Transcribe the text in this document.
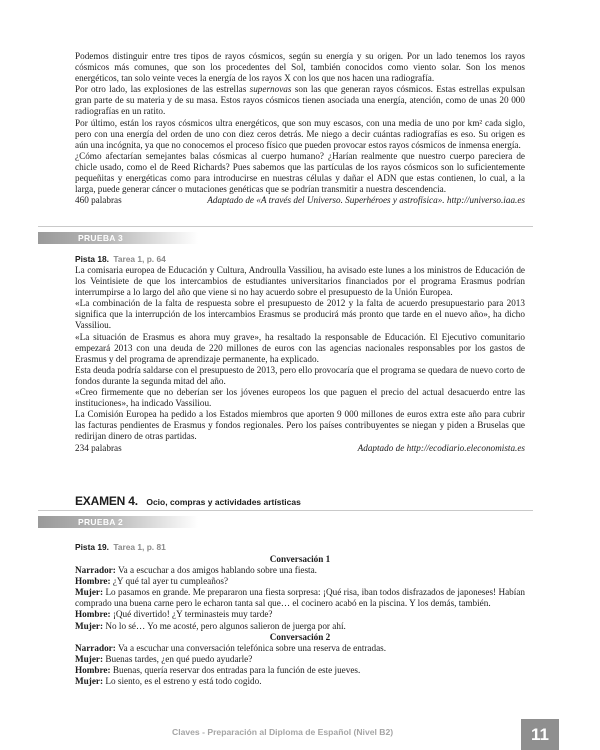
Podemos distinguir entre tres tipos de rayos cósmicos, según su energía y su origen. Por un lado tenemos los rayos cósmicos más comunes, que son los procedentes del Sol, también conocidos como viento solar. Son los menos energéticos, tan solo veinte veces la energía de los rayos X con los que nos hacen una radiografía.

Por otro lado, las explosiones de las estrellas supernovas son las que generan rayos cósmicos. Estas estrellas expulsan gran parte de su materia y de su masa. Estos rayos cósmicos tienen asociada una energía, atención, como de unas 20 000 radiografías en un ratito.

Por último, están los rayos cósmicos ultra energéticos, que son muy escasos, con una media de uno por km² cada siglo, pero con una energía del orden de uno con diez ceros detrás. Me niego a decir cuántas radiografías es eso. Su origen es aún una incógnita, ya que no conocemos el proceso físico que pueden provocar estos rayos cósmicos de inmensa energía.

¿Cómo afectarían semejantes balas cósmicas al cuerpo humano? ¿Harían realmente que nuestro cuerpo pareciera de chicle usado, como el de Reed Richards? Pues sabemos que las partículas de los rayos cósmicos son lo suficientemente pequeñitas y energéticas como para introducirse en nuestras células y dañar el ADN que estas contienen, lo cual, a la larga, puede generar cáncer o mutaciones genéticas que se podrían transmitir a nuestra descendencia.

460 palabras	Adaptado de «A través del Universo. Superhéroes y astrofísica». http://universo.iaa.es
PRUEBA 3
Pista 18. Tarea 1, p. 64

La comisaria europea de Educación y Cultura, Androulla Vassiliou, ha avisado este lunes a los ministros de Educación de los Veintisiete de que los intercambios de estudiantes universitarios financiados por el programa Erasmus podrían interrumpirse a lo largo del año que viene si no hay acuerdo sobre el presupuesto de la Unión Europea.

«La combinación de la falta de respuesta sobre el presupuesto de 2012 y la falta de acuerdo presupuestario para 2013 significa que la interrupción de los intercambios Erasmus se producirá más pronto que tarde en el nuevo año», ha dicho Vassiliou.

«La situación de Erasmus es ahora muy grave», ha resaltado la responsable de Educación. El Ejecutivo comunitario empezará 2013 con una deuda de 220 millones de euros con las agencias nacionales responsables por los gastos de Erasmus y del programa de aprendizaje permanente, ha explicado.

Esta deuda podría saldarse con el presupuesto de 2013, pero ello provocaría que el programa se quedara de nuevo corto de fondos durante la segunda mitad del año.

«Creo firmemente que no deberían ser los jóvenes europeos los que paguen el precio del actual desacuerdo entre las instituciones», ha indicado Vassiliou.

La Comisión Europea ha pedido a los Estados miembros que aporten 9 000 millones de euros extra este año para cubrir las facturas pendientes de Erasmus y fondos regionales. Pero los países contribuyentes se niegan y piden a Bruselas que redirijan dinero de otras partidas.

234 palabras	Adaptado de http://ecodiario.eleconomista.es
EXAMEN 4. Ocio, compras y actividades artísticas
PRUEBA 2
Pista 19. Tarea 1, p. 81
Conversación 1

Narrador: Va a escuchar a dos amigos hablando sobre una fiesta.

Hombre: ¿Y qué tal ayer tu cumpleaños?

Mujer: Lo pasamos en grande. Me prepararon una fiesta sorpresa: ¡Qué risa, iban todos disfrazados de japoneses! Habían comprado una buena carne pero le echaron tanta sal que… el cocinero acabó en la piscina. Y los demás, también.

Hombre: ¡Qué divertido! ¿Y terminasteis muy tarde?

Mujer: No lo sé… Yo me acosté, pero algunos salieron de juerga por ahí.

Conversación 2

Narrador: Va a escuchar una conversación telefónica sobre una reserva de entradas.

Mujer: Buenas tardes, ¿en qué puedo ayudarle?

Hombre: Buenas, quería reservar dos entradas para la función de este jueves.

Mujer: Lo siento, es el estreno y está todo cogido.

Claves - Preparación al Diploma de Español (Nivel B2)	11
